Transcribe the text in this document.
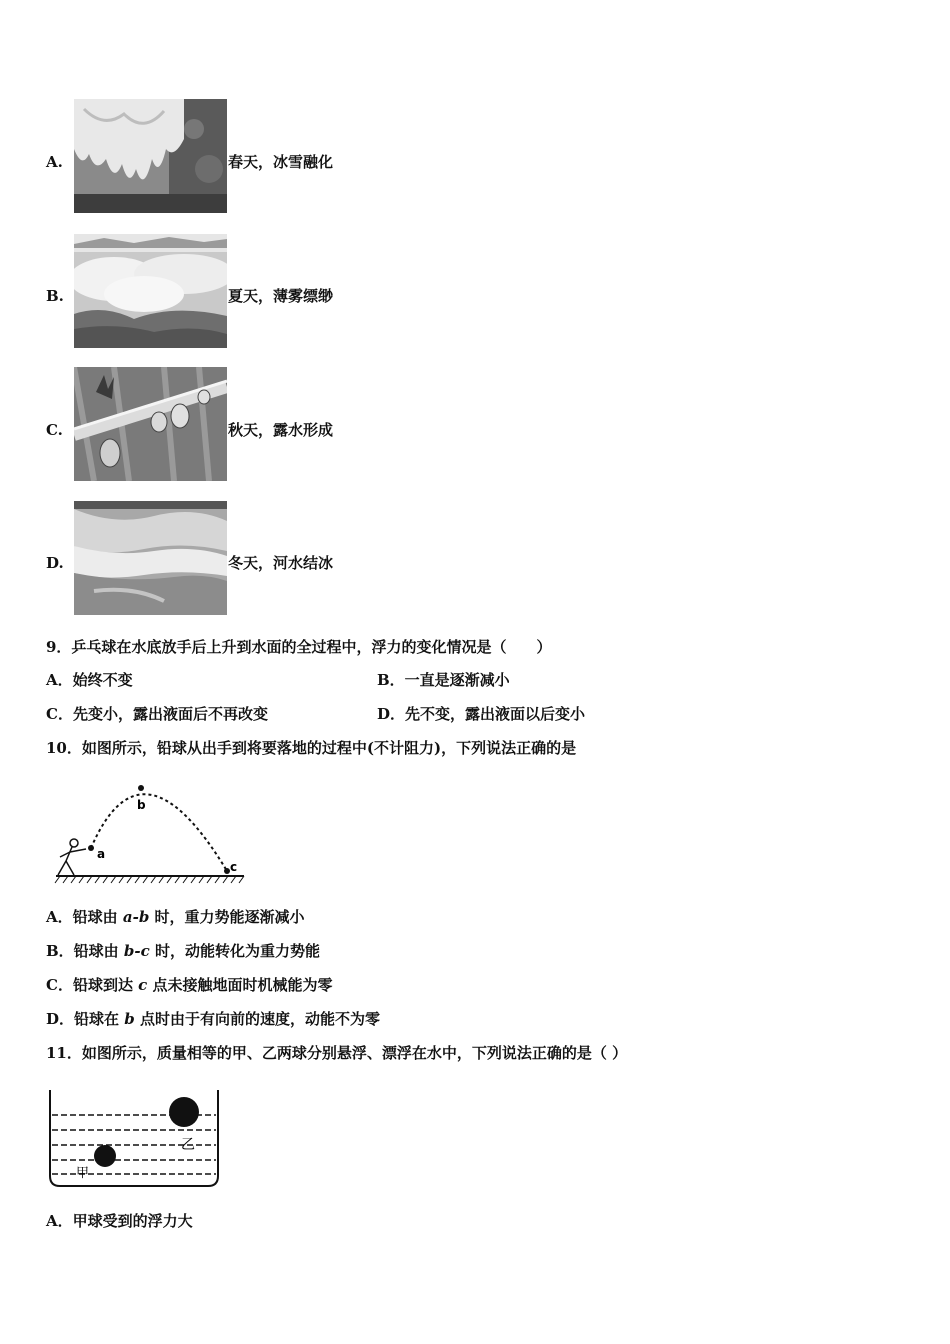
A.	春天，冰雪融化
B.	夏天，薄雾缥缈
C.	秋天，露水形成
D.	冬天，河水结冰
9．乒乓球在水底放手后上升到水面的全过程中，浮力的变化情况是（　　）
A．始终不变	B．一直是逐渐减小
C．先变小，露出液面后不再改变	D．先不变，露出液面以后变小
10．如图所示，铅球从出手到将要落地的过程中(不计阻力)，下列说法正确的是
a
b
c
A．铅球由 a-b 时，重力势能逐渐减小
B．铅球由 b-c 时，动能转化为重力势能
C．铅球到达 c 点未接触地面时机械能为零
D．铅球在 b 点时由于有向前的速度，动能不为零
11．如图所示，质量相等的甲、乙两球分别悬浮、漂浮在水中，下列说法正确的是（ ）
乙
甲
A．甲球受到的浮力大
